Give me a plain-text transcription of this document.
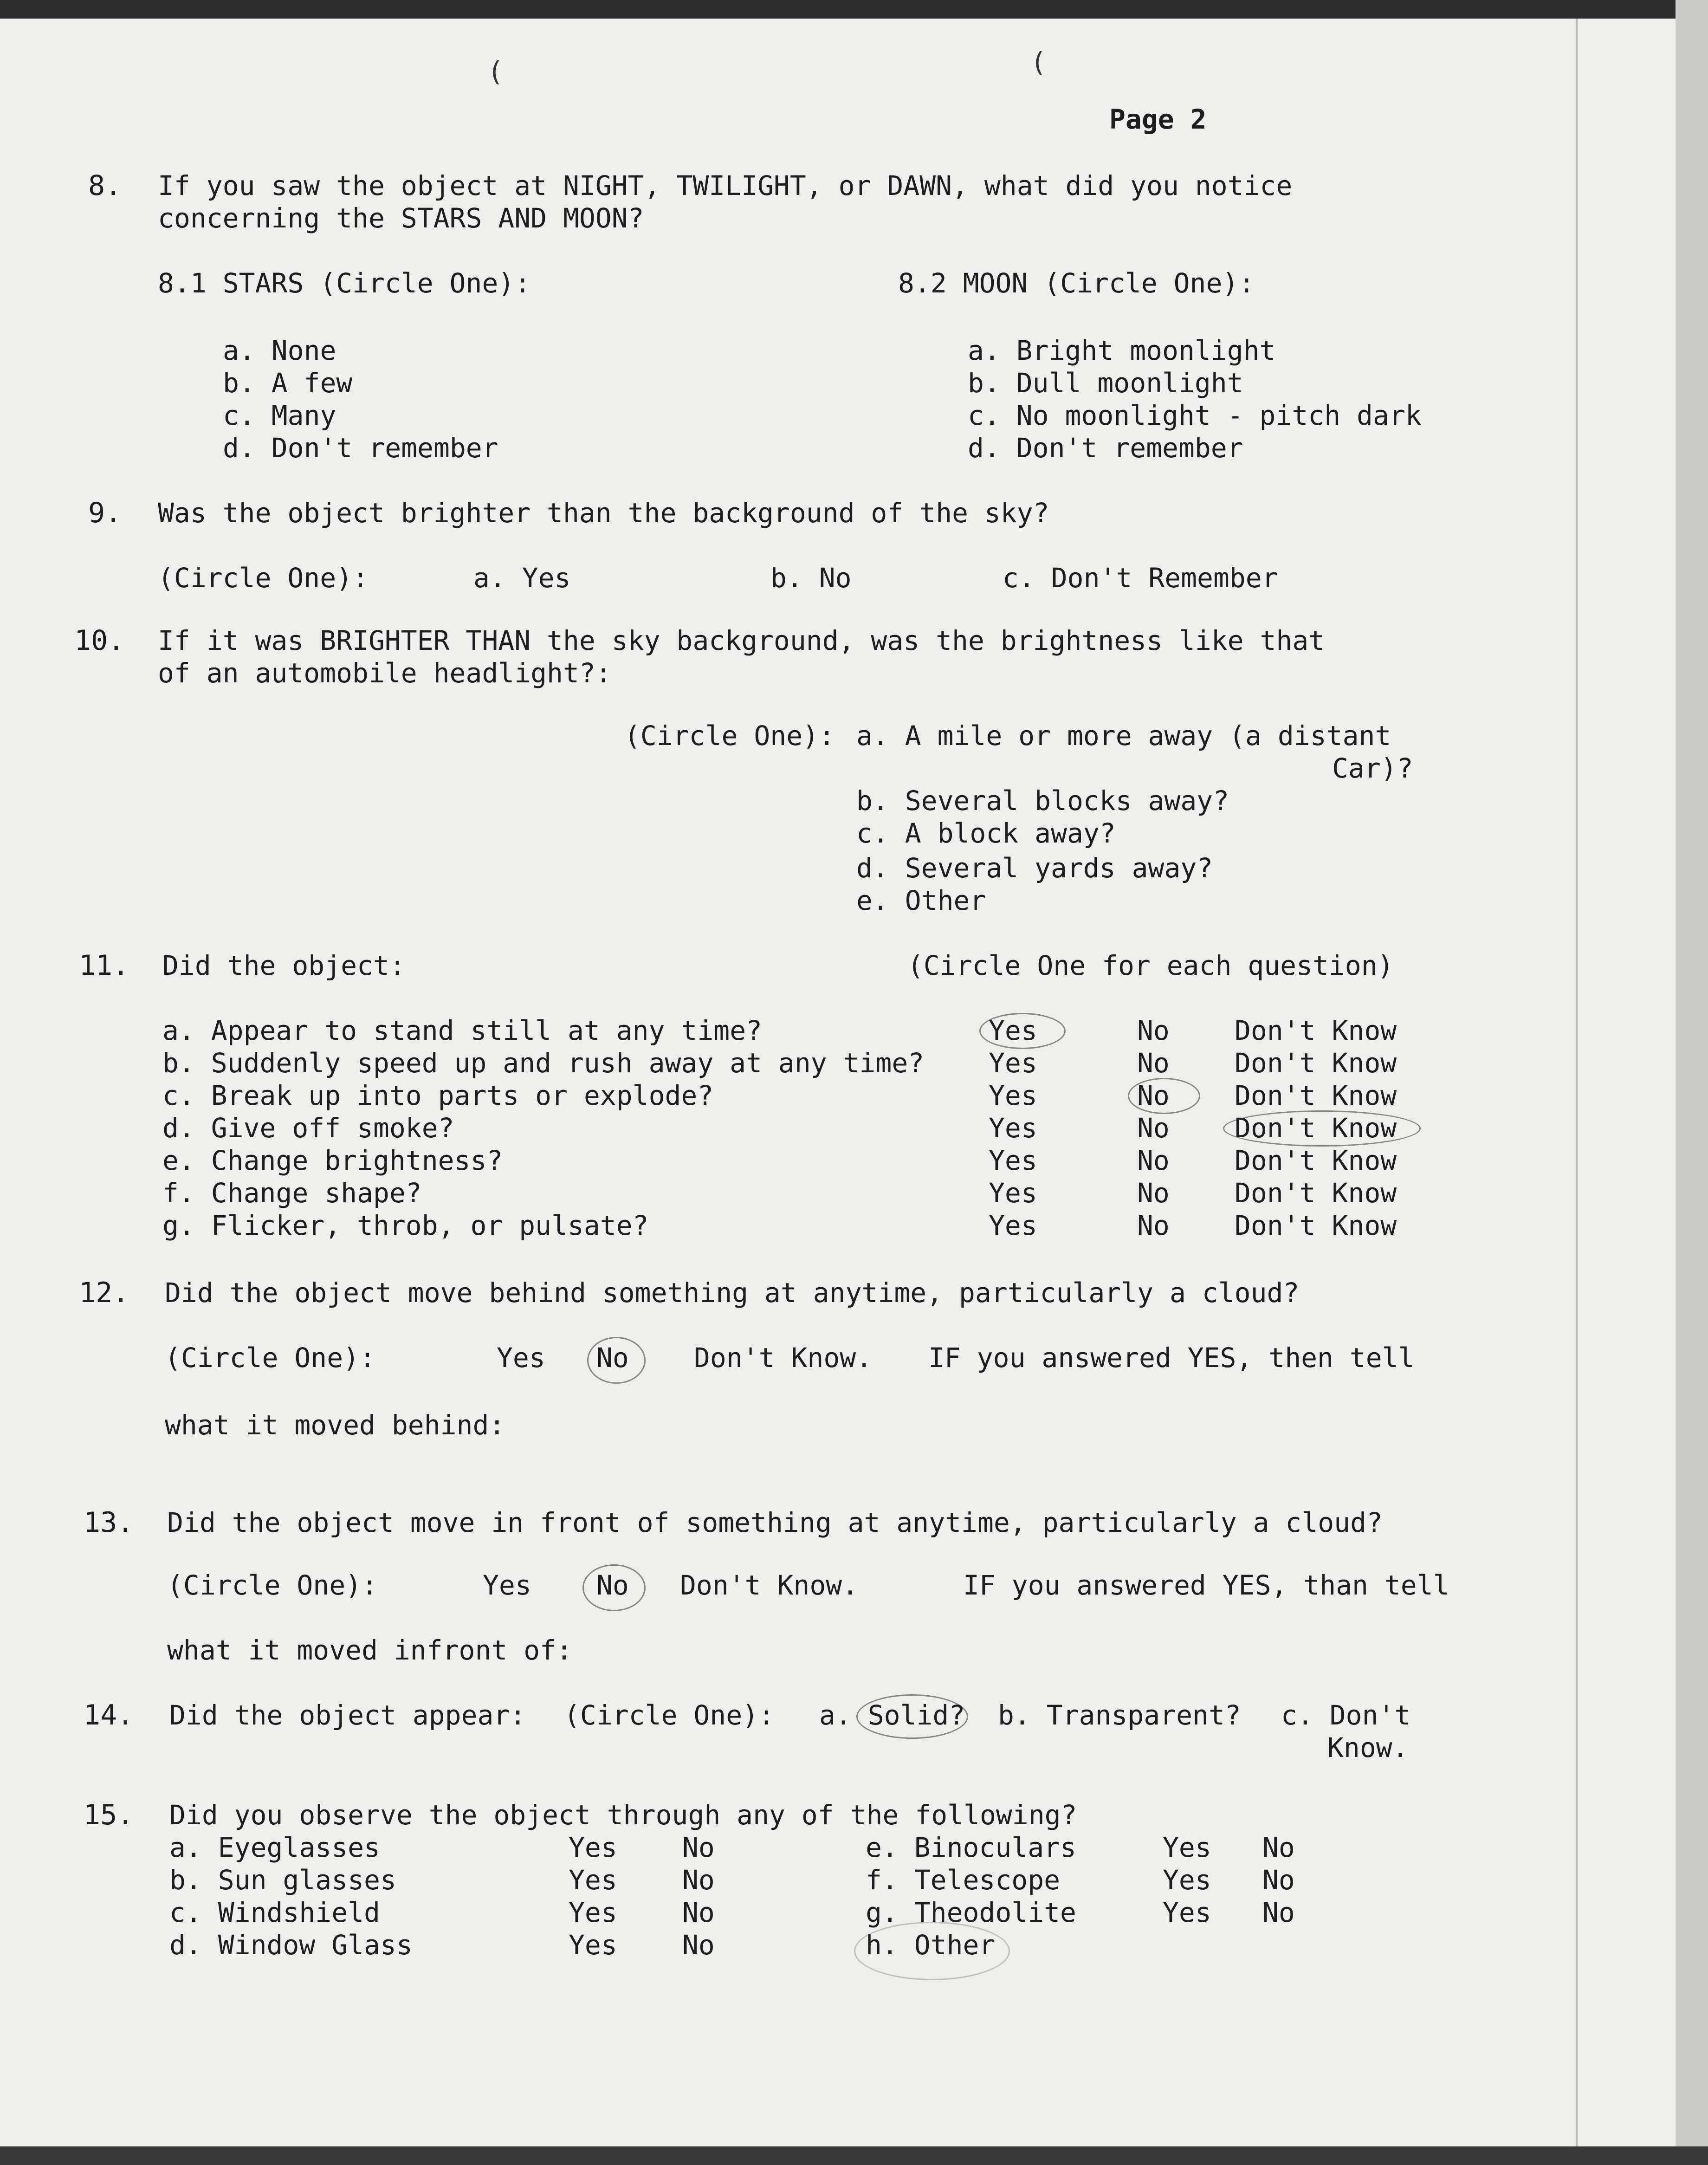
(	(
Page 2
8. If you saw the object at NIGHT, TWILIGHT, or DAWN, what did you notice
concerning the STARS AND MOON?
8.1 STARS (Circle One):
a. None
b. A few
c. Many
d. Don't remember
8.2 MOON (Circle One):
a. Bright moonlight
b. Dull moonlight
c. No moonlight - pitch dark
d. Don't remember
9. Was the object brighter than the background of the sky?
(Circle One):	a. Yes	b. No	c. Don't Remember
10. If it was BRIGHTER THAN the sky background, was the brightness like that
of an automobile headlight?:
(Circle One): a. A mile or more away (a distant
Car)?
b. Several blocks away?
c. A block away?
d. Several yards away?
e. Other
11. Did the object:	(Circle One for each question)
a. Appear to stand still at any time?	Yes	No Don't Know
b. Suddenly speed up and rush away at any time? Yes	No Don't Know
c. Break up into parts or explode?	Yes	No Don't Know
d. Give off smoke?	Yes	No Don't Know
e. Change brightness?	Yes	No Don't Know
f. Change shape?	Yes	No Don't Know
g. Flicker, throb, or pulsate?	Yes	No Don't Know
12. Did the object move behind something at anytime, particularly a cloud?
(Circle One):	Yes No Don't Know. IF you answered YES, then tell
what it moved behind:
13. Did the object move in front of something at anytime, particularly a cloud?
(Circle One):	Yes No Don't Know.	IF you answered YES, than tell
what it moved infront of:
14. Did the object appear: (Circle One): a. Solid? b. Transparent? c. Don't
Know.
15. Did you observe the object through any of the following?
a. Eyeglasses	Yes No
b. Sun glasses	Yes No
c. Windshield	Yes No
d. Window Glass	Yes No
e. Binoculars	Yes No
f. Telescope	Yes No
g. Theodolite	Yes No
h. Other
